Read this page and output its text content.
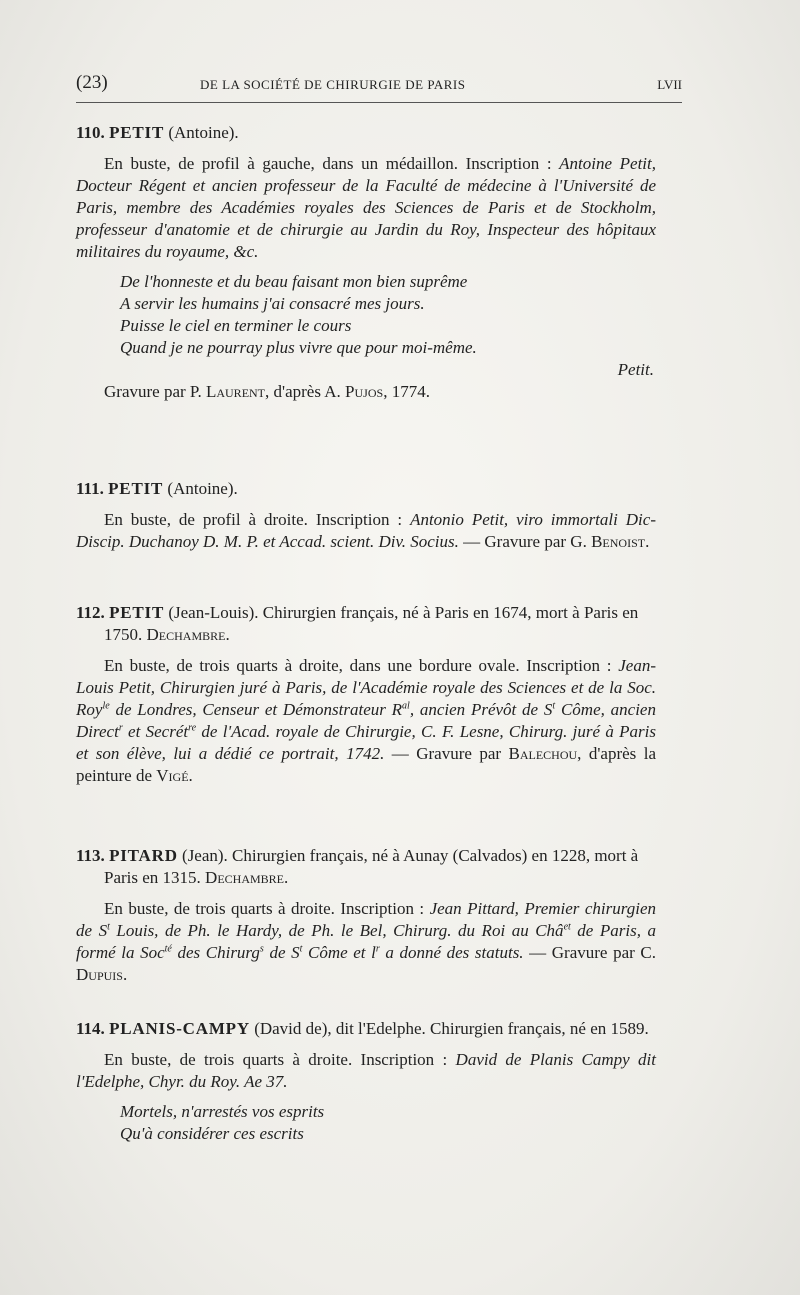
(23)	DE LA SOCIÉTÉ DE CHIRURGIE DE PARIS	LVII

110. PETIT (Antoine).

En buste, de profil à gauche, dans un médaillon. Inscription : Antoine Petit, Docteur Régent et ancien professeur de la Faculté de médecine à l'Université de Paris, membre des Académies royales des Sciences de Paris et de Stockholm, professeur d'anatomie et de chirurgie au Jardin du Roy, Inspecteur des hôpitaux militaires du royaume, &c.

De l'honneste et du beau faisant mon bien suprême
A servir les humains j'ai consacré mes jours.
Puisse le ciel en terminer le cours
Quand je ne pourray plus vivre que pour moi-même.

Petit.

Gravure par P. Laurent, d'après A. Pujos, 1774.

111. PETIT (Antoine).

En buste, de profil à droite. Inscription : Antonio Petit, viro immortali Dic-Discip. Duchanoy D. M. P. et Accad. scient. Div. Socius. — Gravure par G. Benoist.

112. PETIT (Jean-Louis). Chirurgien français, né à Paris en 1674, mort à Paris en 1750. Dechambre.

En buste, de trois quarts à droite, dans une bordure ovale. Inscription : Jean-Louis Petit, Chirurgien juré à Paris, de l'Académie royale des Sciences et de la Soc. Roy$^{le}$ de Londres, Censeur et Démonstrateur $R^{al}$, ancien Prévôt de $S^t$ Côme, ancien Direct$^r$ et Secrét$^{re}$ de l'Acad. royale de Chirurgie, C. F. Lesne, Chirurg. juré à Paris et son élève, lui a dédié ce portrait, 1742. — Gravure par Balechou, d'après la peinture de Vigé.

113. PITARD (Jean). Chirurgien français, né à Aunay (Calvados) en 1228, mort à Paris en 1315. Dechambre.

En buste, de trois quarts à droite. Inscription : Jean Pittard, Premier chirurgien de $S^t$ Louis, de Ph. le Hardy, de Ph. le Bel, Chirurg. du Roi au Châ$^{et}$ de Paris, a formé la Soc$^{té}$ des Chirurg$^s$ de $S^t$ Côme et $l^r$ a donné des statuts. — Gravure par C. Dupuis.

114. PLANIS-CAMPY (David de), dit l'Edelphe. Chirurgien français, né en 1589.

En buste, de trois quarts à droite. Inscription : David de Planis Campy dit l'Edelphe, Chyr. du Roy. Ae 37.

Mortels, n'arrestés vos esprits
Qu'à considérer ces escrits
